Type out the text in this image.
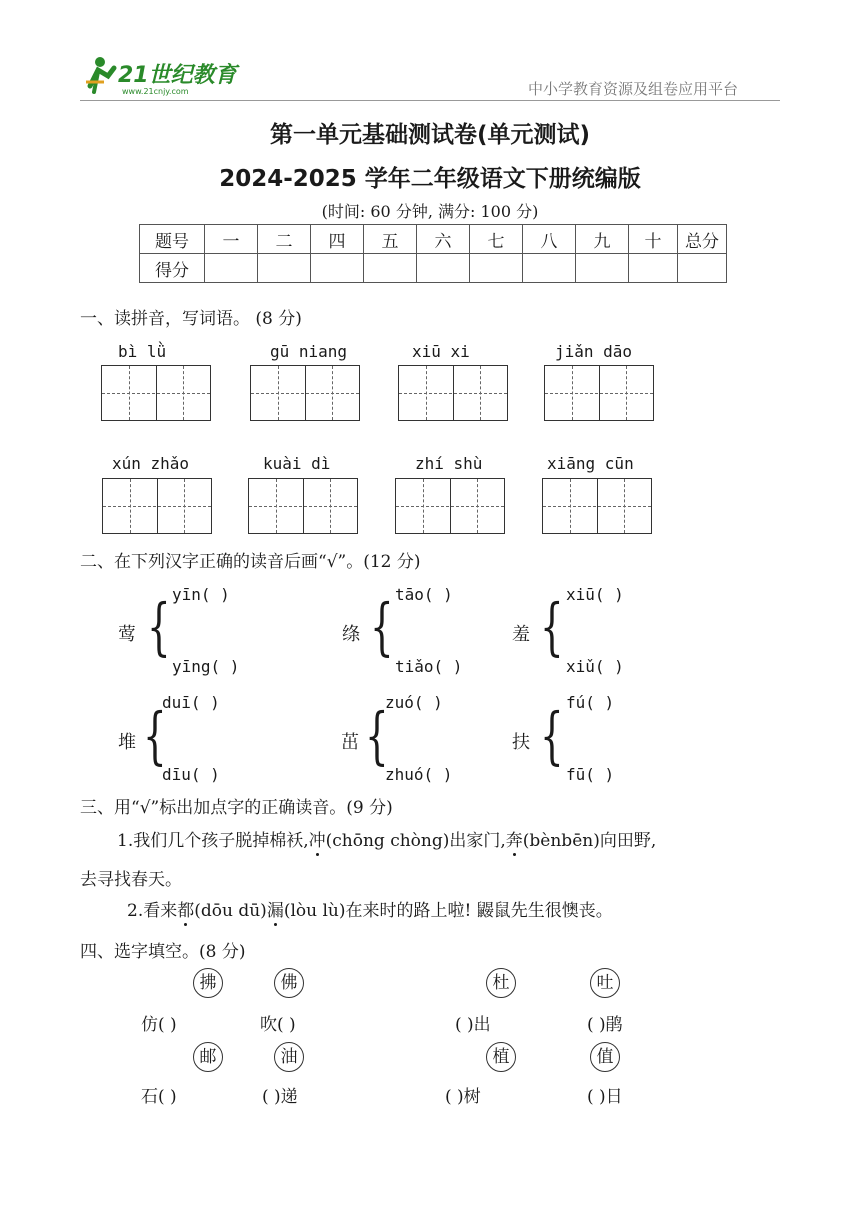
21世纪教育
www.21cnjy.com	中小学教育资源及组卷应用平台
第一单元基础测试卷(单元测试)
2024-2025 学年二年级语文下册统编版
(时间: 60 分钟, 满分: 100 分)
题号	一	二	四	五	六	七	八	九	十	总分
得分										
一、读拼音，写词语。 (8 分)
bì lǜ	gū niang	xiū xi	jiǎn dāo
xún zhǎo	kuài dì	zhí shù	xiāng cūn
二、在下列汉字正确的读音后画“√”。(12 分)
莺 { yīn( )
yīng( )
绦 { tāo( )
tiǎo( )
羞 { xiū( )
xiǔ( )
堆 {
duī( )
dīu( )
茁 {
zuó( )
zhuó( )
扶 { fú( )
fū( )
三、用“√”标出加点字的正确读音。(9 分)
1.我们几个孩子脱掉棉袄,冲(chōng chòng)出家门,奔(bènbēn)向田野,
去寻找春天。
2.看来都(dōu dū)漏(lòu lù)在来时的路上啦! 鼹鼠先生很懊丧。
四、选字填空。(8 分)
拂	佛	杜	吐
仿( )	吹( )	( )出	( )鹃
邮	油	植	值
石( )	( )递	( )树	( )日
